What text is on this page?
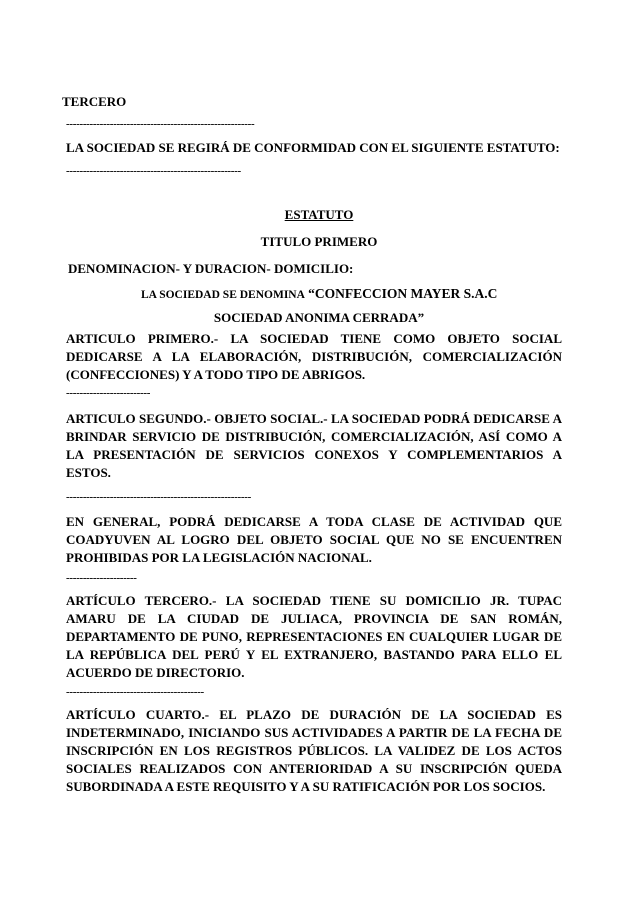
TERCERO
--------------------------------------------------------
LA SOCIEDAD SE REGIRÁ DE CONFORMIDAD CON EL SIGUIENTE ESTATUTO:
----------------------------------------------------
ESTATUTO
TITULO PRIMERO
DENOMINACION- Y DURACION- DOMICILIO:
LA SOCIEDAD SE DENOMINA “CONFECCION MAYER S.A.C
SOCIEDAD ANONIMA CERRADA”
ARTICULO PRIMERO.- LA SOCIEDAD TIENE COMO OBJETO SOCIAL
DEDICARSE A LA ELABORACIÓN, DISTRIBUCIÓN, COMERCIALIZACIÓN
(CONFECCIONES) Y A TODO TIPO DE ABRIGOS.
-------------------------
ARTICULO SEGUNDO.- OBJETO SOCIAL.- LA SOCIEDAD PODRÁ DEDICARSE A
BRINDAR SERVICIO DE DISTRIBUCIÓN, COMERCIALIZACIÓN, ASÍ COMO A
LA PRESENTACIÓN DE SERVICIOS CONEXOS Y COMPLEMENTARIOS A
ESTOS.
-------------------------------------------------------
EN GENERAL, PODRÁ DEDICARSE A TODA CLASE DE ACTIVIDAD QUE
COADYUVEN AL LOGRO DEL OBJETO SOCIAL QUE NO SE ENCUENTREN
PROHIBIDAS POR LA LEGISLACIÓN NACIONAL.
---------------------
ARTÍCULO TERCERO.- LA SOCIEDAD TIENE SU DOMICILIO JR. TUPAC
AMARU DE LA CIUDAD DE JULIACA, PROVINCIA DE SAN ROMÁN,
DEPARTAMENTO DE PUNO, REPRESENTACIONES EN CUALQUIER LUGAR DE
LA REPÚBLICA DEL PERÚ Y EL EXTRANJERO, BASTANDO PARA ELLO EL
ACUERDO DE DIRECTORIO.
-----------------------------------------
ARTÍCULO CUARTO.- EL PLAZO DE DURACIÓN DE LA SOCIEDAD ES
INDETERMINADO, INICIANDO SUS ACTIVIDADES A PARTIR DE LA FECHA DE
INSCRIPCIÓN EN LOS REGISTROS PÚBLICOS. LA VALIDEZ DE LOS ACTOS
SOCIALES REALIZADOS CON ANTERIORIDAD A SU INSCRIPCIÓN QUEDA
SUBORDINADA A ESTE REQUISITO Y A SU RATIFICACIÓN POR LOS SOCIOS.
